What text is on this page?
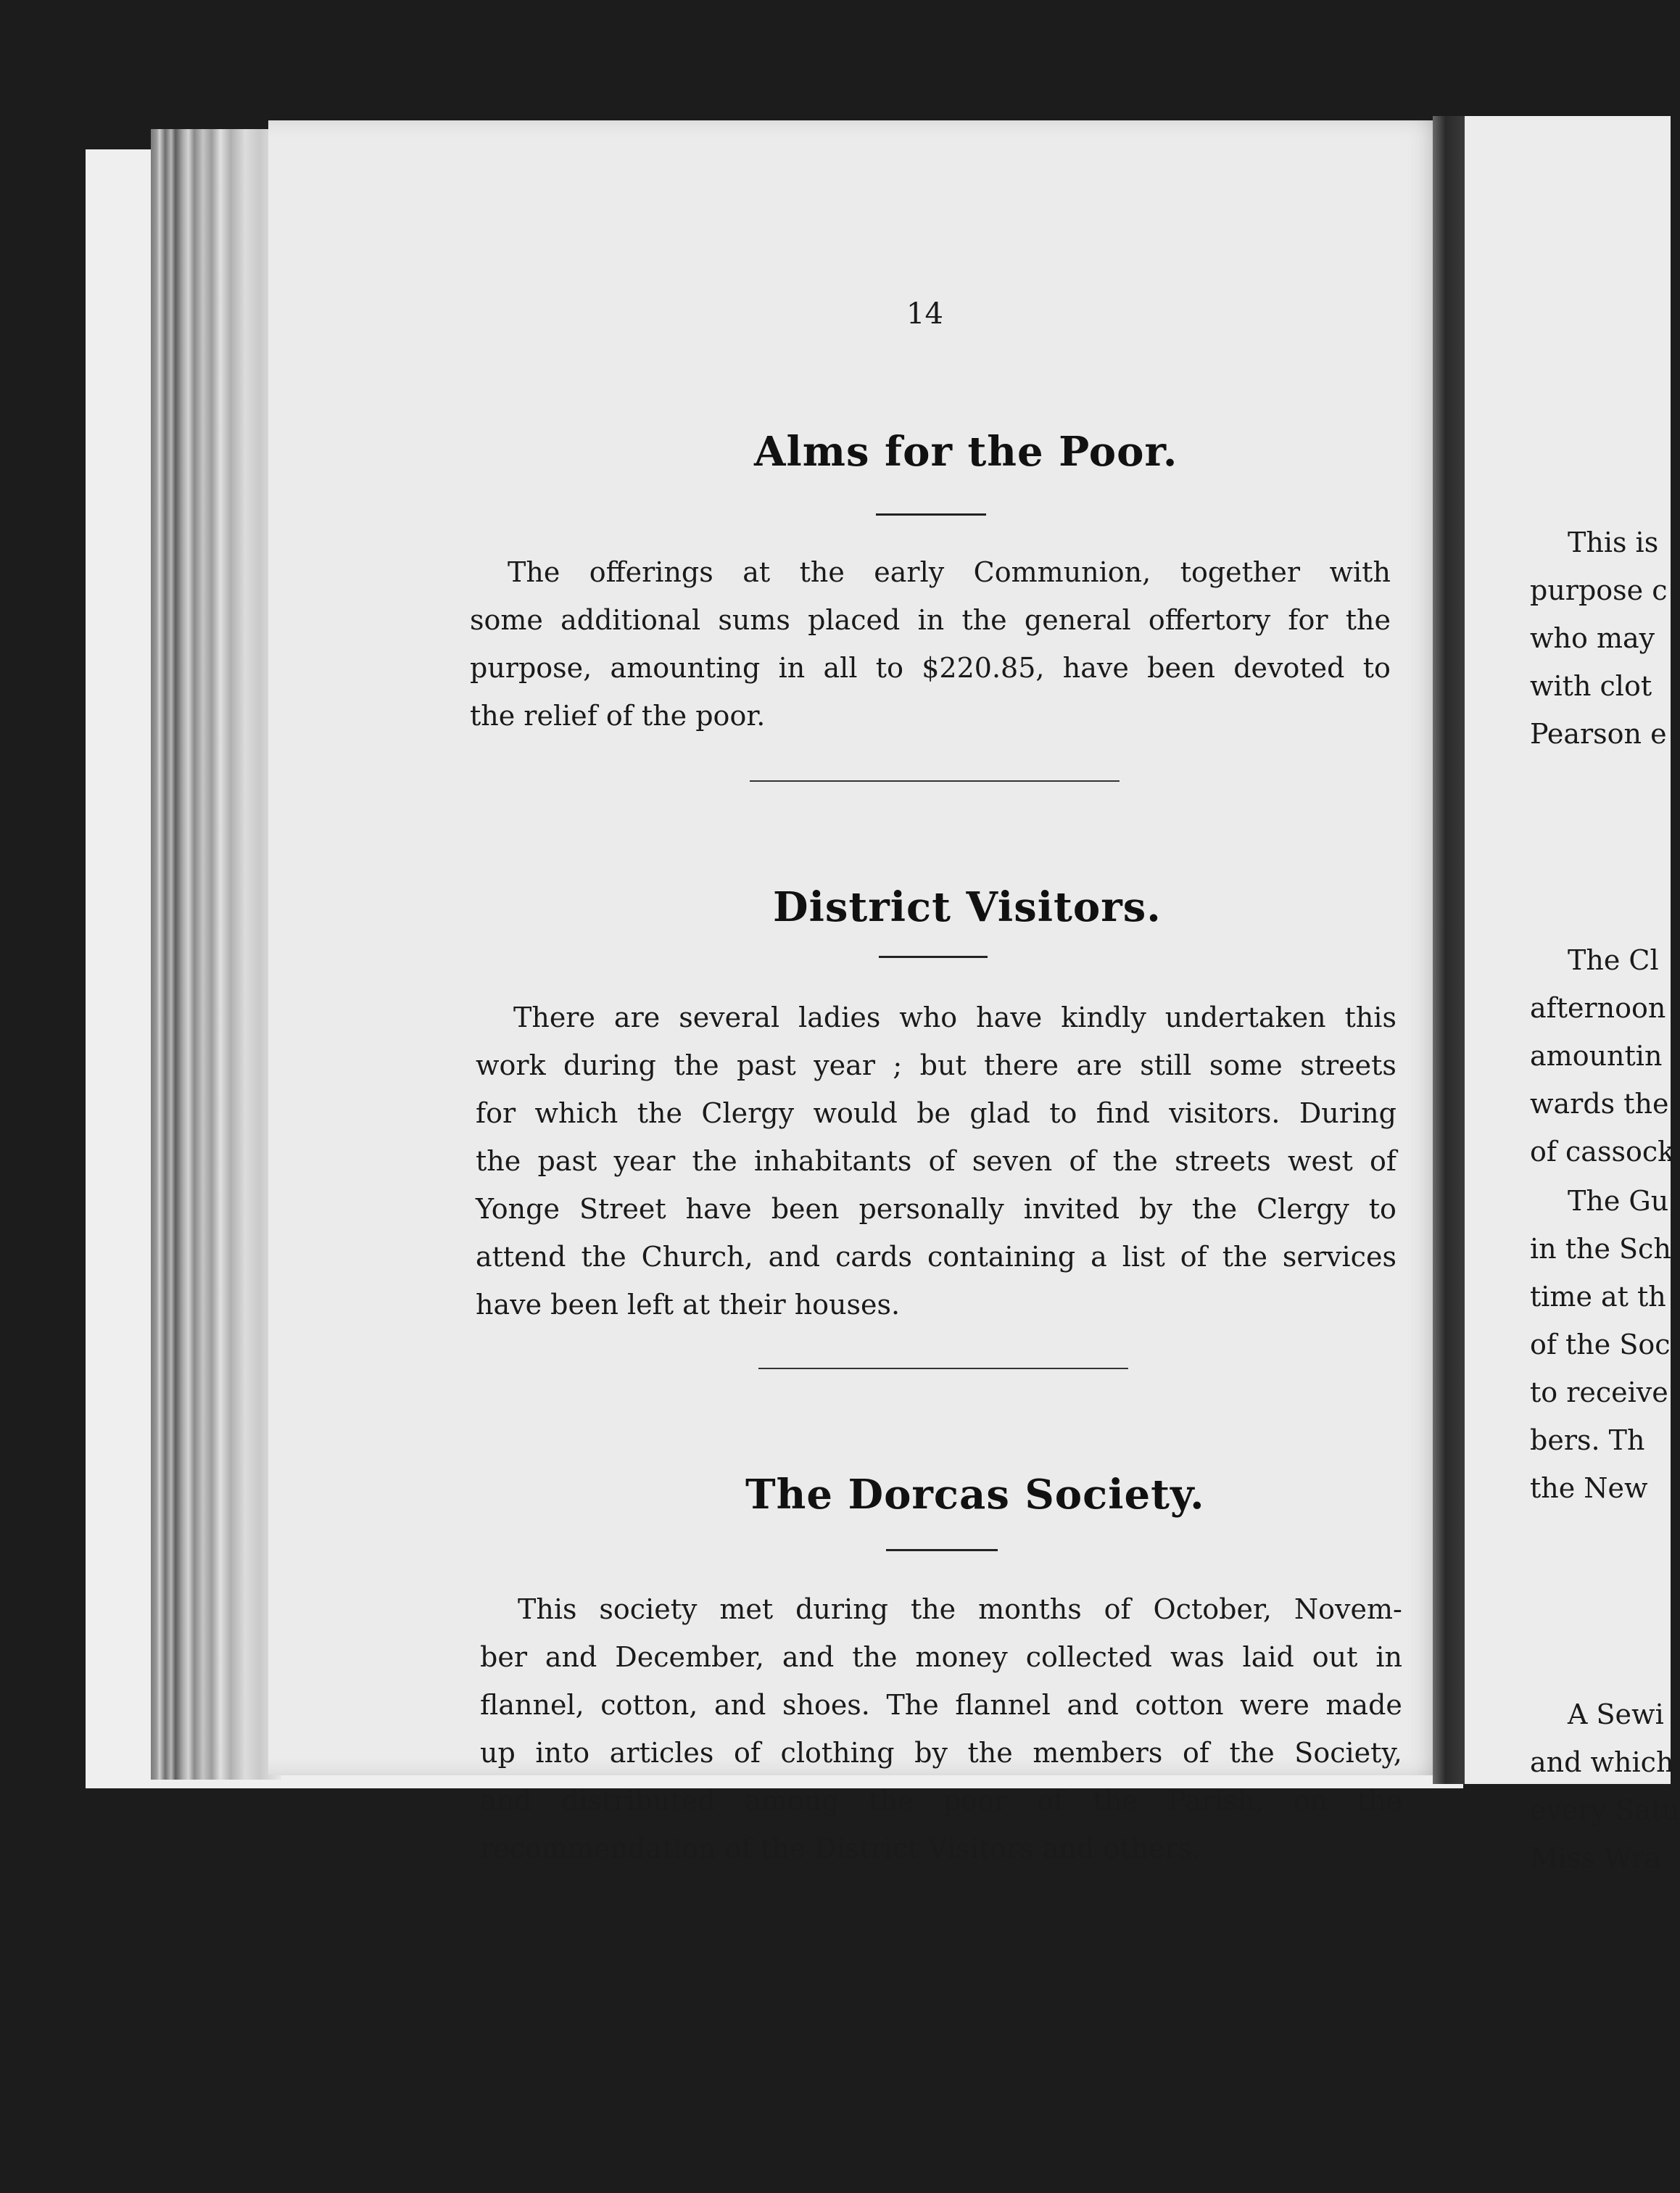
14
Alms for the Poor.
The offerings at the early Communion, together with
some additional sums placed in the general offertory for the
purpose, amounting in all to $220.85, have been devoted to
the relief of the poor.
District Visitors.
There are several ladies who have kindly undertaken this
work during the past year ; but there are still some streets
for which the Clergy would be glad to find visitors. During
the past year the inhabitants of seven of the streets west of
Yonge Street have been personally invited by the Clergy to
attend the Church, and cards containing a list of the services
have been left at their houses.
The Dorcas Society.
This society met during the months of October, Novem-
ber and December, and the money collected was laid out in
flannel, cotton, and shoes. The flannel and cotton were made
up into articles of clothing by the members of the Society,
and distributed among the poor of the Parish, on the
recommendation of the District Visitors and others.
This is
purpose c
who may
with clot
Pearson e
The Cl
afternoon
amountin
wards the
of cassock
The Gu
in the Sch
time at th
of the Soc
to receive
bers. Th
the New
A Sewi
and which
every Satu
Miss Wra
